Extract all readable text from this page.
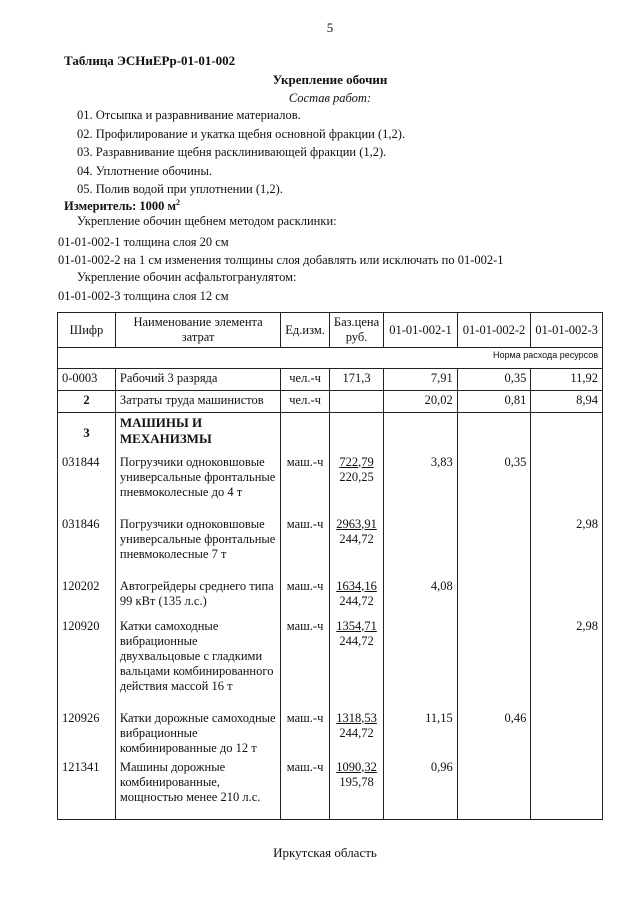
5
Таблица ЭСНиЕРр-01-01-002
Укрепление обочин
Состав работ:
01. Отсыпка и разравнивание материалов.
02. Профилирование и укатка щебня основной фракции (1,2).
03. Разравнивание щебня расклинивающей фракции (1,2).
04. Уплотнение обочины.
05. Полив водой при уплотнении (1,2).
Измеритель: 1000 $м^2$
Укрепление обочин щебнем методом расклинки:
01-01-002-1 толщина слоя 20 см
01-01-002-2 на 1 см изменения толщины слоя добавлять или исключать по 01-002-1
Укрепление обочин асфальтогранулятом:
01-01-002-3 толщина слоя 12 см
Шифр	Наименование элемента затрат	Ед.изм.	Баз.цена руб.	01-01-002-1	01-01-002-2	01-01-002-3
Норма расхода ресурсов						
0-0003	Рабочий 3 разряда	чел.-ч	171,3	7,91	0,35	11,92
2	Затраты труда машинистов	чел.-ч		20,02	0,81	8,94
3	МАШИНЫ И МЕХАНИЗМЫ					
031844	Погрузчики одноковшовые универсальные фронтальные пневмоколесные до 4 т	маш.-ч	722,79
220,25	3,83	0,35	
031846	Погрузчики одноковшовые универсальные фронтальные пневмоколесные 7 т	маш.-ч	2963,91
244,72			2,98
120202	Автогрейдеры среднего типа 99 кВт (135 л.с.)	маш.-ч	1634,16
244,72	4,08		
120920	Катки самоходные вибрационные двухвальцовые с гладкими вальцами комбинированного действия массой 16 т	маш.-ч	1354,71
244,72			2,98
120926	Катки дорожные самоходные вибрационные комбинированные до 12 т	маш.-ч	1318,53
244,72	11,15	0,46	
121341	Машины дорожные комбинированные, мощностью менее 210 л.с.	маш.-ч	1090,32
195,78	0,96		
Иркутская область
